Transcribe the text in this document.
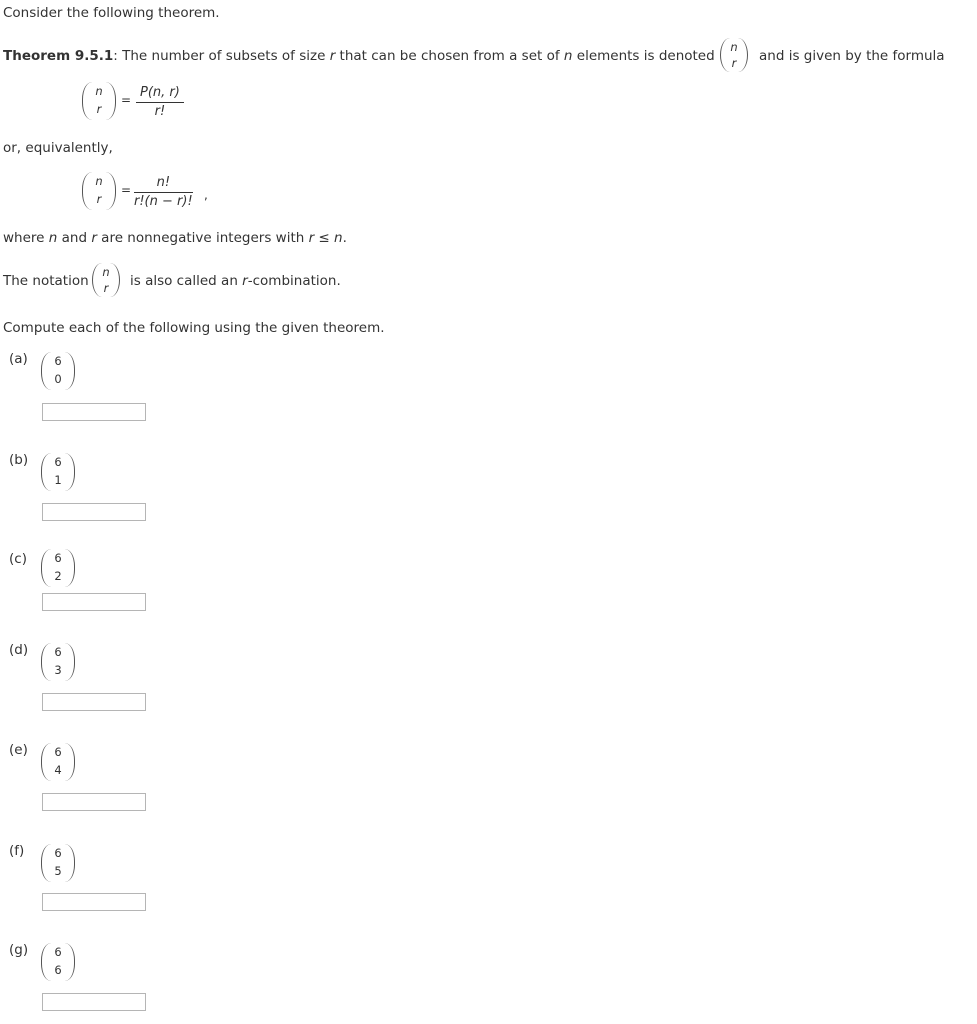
Consider the following theorem.
Theorem 9.5.1: The number of subsets of size r that can be chosen from a set of n elements is denoted
n
r	and is given by the formula
n
r
= P(n, r)
r!
or, equivalently,
n
r
=	n!
r!(n − r)! ,
where n and r are nonnegative integers with r ≤ n.
The notation
n
r	is also called an r-combination.
Compute each of the following using the given theorem.
(a)	6
0
(b)	6
1
(c)	6
2
(d)	6
3
(e)	6
4
(f)	6
5
(g)	6
6
